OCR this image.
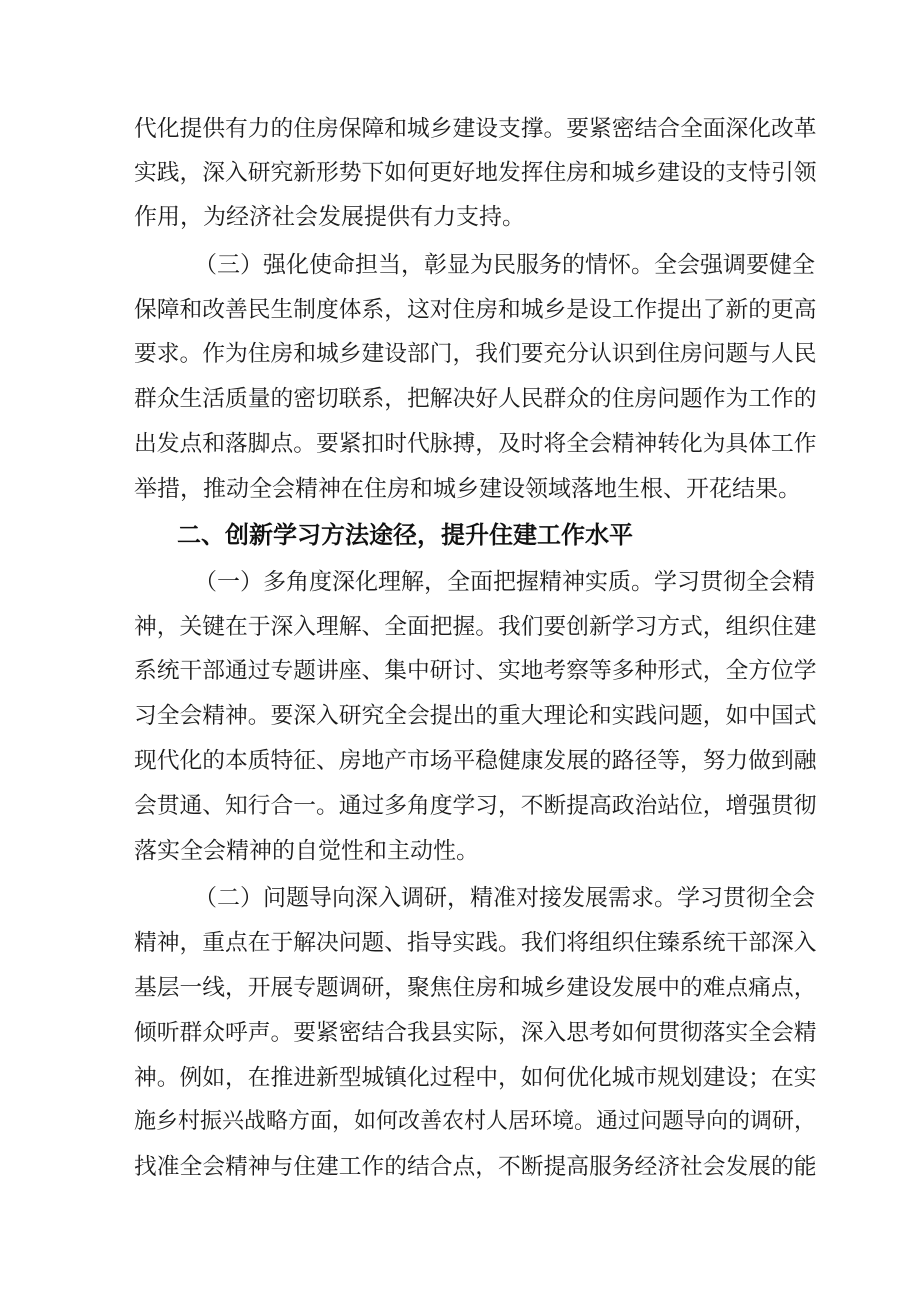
代化提供有力的住房保障和城乡建设支撑。要紧密结合全面深化改革

实践，深入研究新形势下如何更好地发挥住房和城乡建设的支恃引领

作用，为经济社会发展提供有力支持。

（三）强化使命担当，彰显为民服务的情怀。全会强调要健全

保障和改善民生制度体系，这对住房和城乡是设工作提出了新的更高

要求。作为住房和城乡建设部门，我们要充分认识到住房问题与人民

群众生活质量的密切联系，把解决好人民群众的住房问题作为工作的

出发点和落脚点。要紧扣时代脉搏，及时将全会精神转化为具体工作

举措，推动全会精神在住房和城乡建设领域落地生根、开花结果。

二、创新学习方法途径，提升住建工作水平

（一）多角度深化理解，全面把握精神实质。学习贯彻全会精

神，关键在于深入理解、全面把握。我们要创新学习方式，组织住建

系统干部通过专题讲座、集中研讨、实地考察等多种形式，全方位学

习全会精神。要深入研究全会提出的重大理论和实践问题，如中国式

现代化的本质特征、房地产市场平稳健康发展的路径等，努力做到融

会贯通、知行合一。通过多角度学习，不断提高政治站位，增强贯彻

落实全会精神的自觉性和主动性。

（二）问题导向深入调研，精准对接发展需求。学习贯彻全会

精神，重点在于解决问题、指导实践。我们将组织住臻系统干部深入

基层一线，开展专题调研，聚焦住房和城乡建设发展中的难点痛点，

倾听群众呼声。要紧密结合我县实际，深入思考如何贯彻落实全会精

神。例如，在推进新型城镇化过程中，如何优化城市规划建设；在实

施乡村振兴战略方面，如何改善农村人居环境。通过问题导向的调研，

找准全会精神与住建工作的结合点，不断提高服务经济社会发展的能
